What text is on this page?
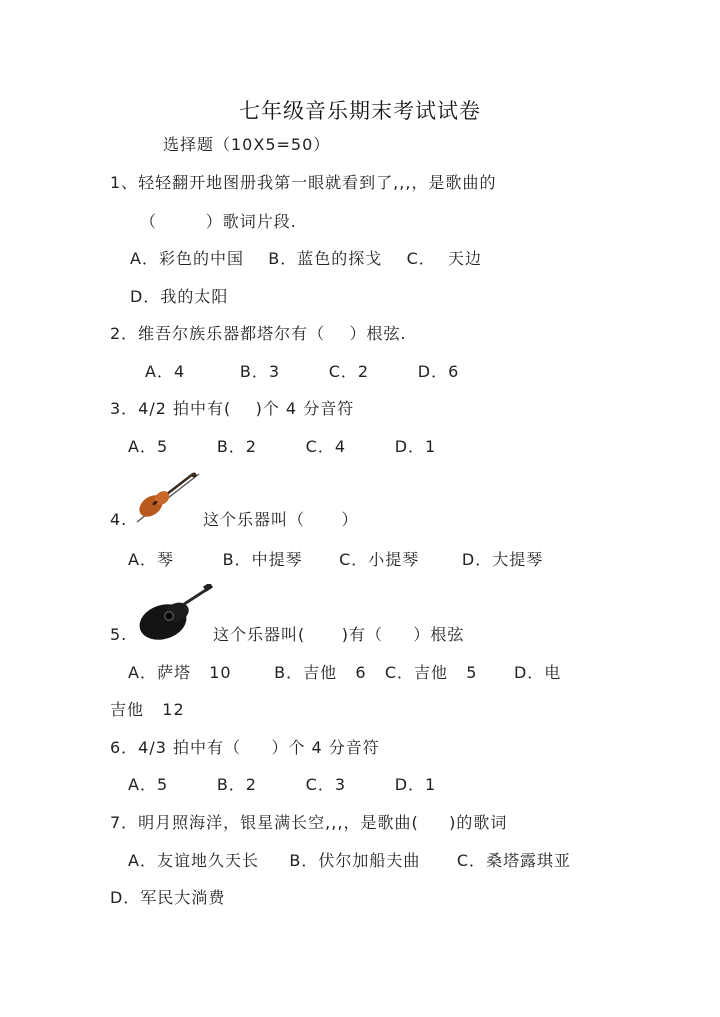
七年级音乐期末考试试卷
选择题（10X5=50）
1、轻轻翻开地图册我第一眼就看到了,,,，是歌曲的
（        ）歌词片段.
A．彩色的中国    B．蓝色的探戈    C．  天边
D．我的太阳
2．维吾尔族乐器都塔尔有（    ）根弦.
A．4         B．3        C．2        D．6
3．4/2 拍中有(    )个 4 分音符
A．5        B．2        C．4        D．1
4.	这个乐器叫（      ）
A．琴        B．中提琴      C．小提琴       D．大提琴
5.	这个乐器叫(      )有（     ）根弦
A．萨塔   10       B．吉他   6   C．吉他   5      D．电
吉他   12
6．4/3 拍中有（     ）个 4 分音符
A．5        B．2        C．3        D．1
7．明月照海洋，银星满长空,,,，是歌曲(     )的歌词
A．友谊地久天长     B．伏尔加船夫曲      C．桑塔露琪亚
D．军民大淌费
